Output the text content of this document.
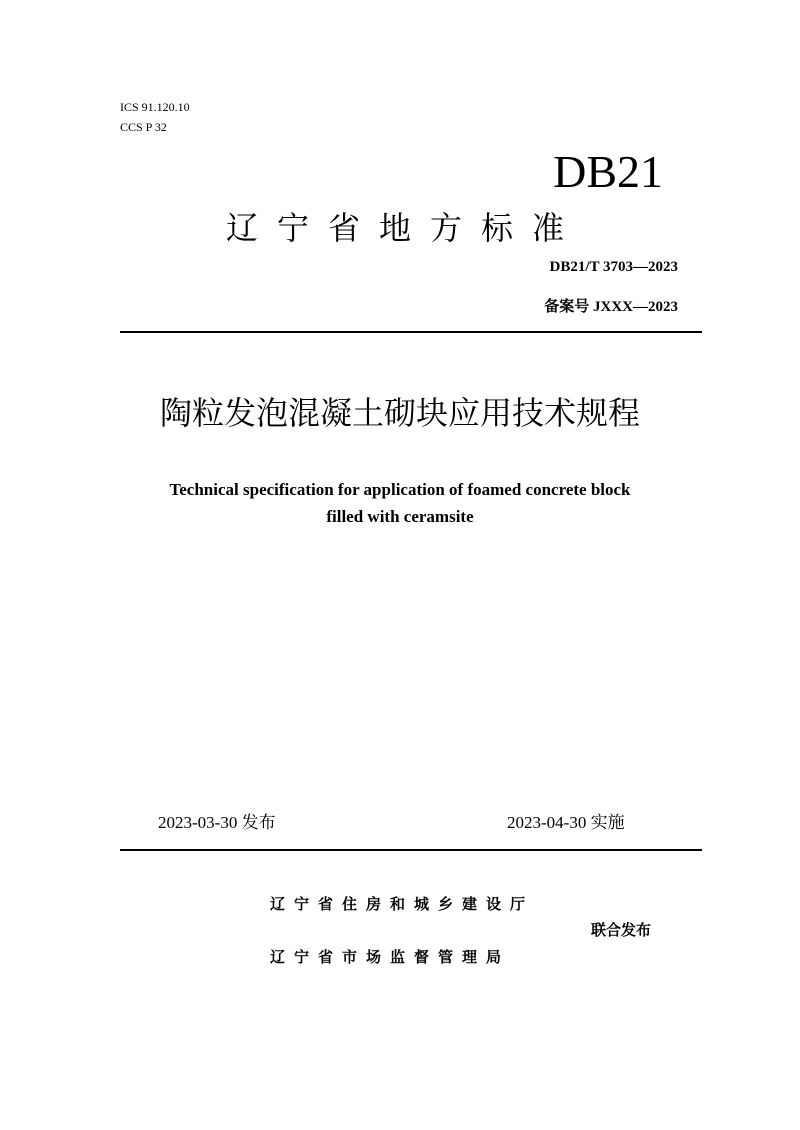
ICS 91.120.10
CCS P 32
DB21
辽宁省地方标准
DB21/T 3703—2023
备案号 JXXX—2023
陶粒发泡混凝土砌块应用技术规程
Technical specification for application of foamed concrete block
filled with ceramsite
2023-03-30 发布	2023-04-30 实施
辽宁省住房和城乡建设厅
联合发布
辽宁省市场监督管理局
